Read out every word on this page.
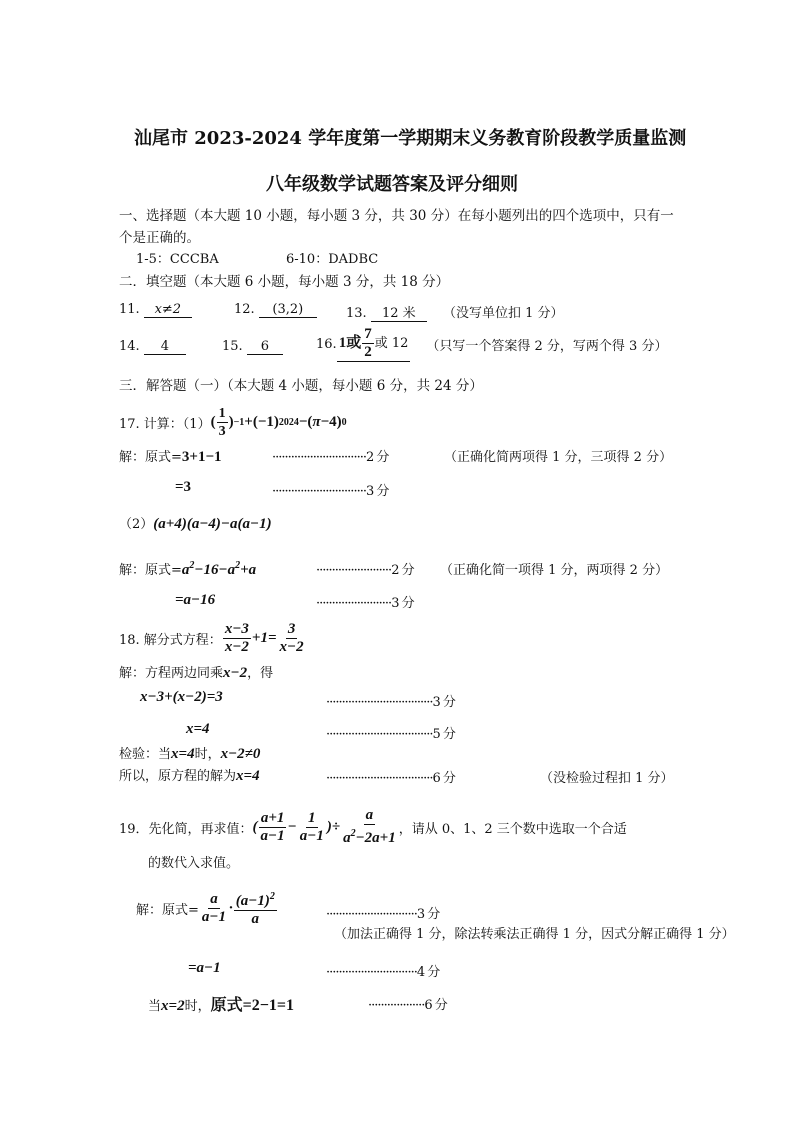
汕尾市 2023-2024 学年度第一学期期末义务教育阶段教学质量监测
八年级数学试题答案及评分细则
一、选择题（本大题 10 小题，每小题 3 分，共 30 分）在每小题列出的四个选项中，只有一
个是正确的。
1-5：CCCBA	6-10：DADBC
二．填空题（本大题 6 小题，每小题 3 分，共 18 分）
11. x≠2	12. (3,2)	13. 12 米 （没写单位扣 1 分）
14. 4	15. 6	16. 1或 $\frac{7}{2}$ 或 12 （只写一个答案得 2 分，写两个得 3 分）
三．解答题（一）（本大题 4 小题，每小题 6 分，共 24 分）
17. 计算：（1） ( $\frac{1}{3}$ ) −1 +(−1) 2024 −( π −4) 0
解：原式=3+1−1	······························2 分	（正确化简两项得 1 分，三项得 2 分）
=3	······························3 分
（2）(a+4)(a−4)−a(a−1)
解：原式$=a^2-16-a^2+a$	························2 分 （正确化简一项得 1 分，两项得 2 分）
=a−16	························3 分
18. 解分式方程： $\frac{x-3}{x-2} +1= \frac{3}{x-2}$
解：方程两边同乘x−2，得
x−3+(x−2)=3	··································3 分
x=4	··································5 分
检验：当x=4时，x−2≠0
所以，原方程的解为x=4	··································6 分	（没检验过程扣 1 分）
19．先化简，再求值： ( $\frac{a+1}{a-1} - \frac{1}{a-1}$ )÷ $\frac{a}{a^2-2a+1}$ ，请从 0、1、2 三个数中选取一个合适
的数代入求值。
解：原式= $\frac{a}{a-1} \cdot \frac{(a-1)^2}{a}$	·····························3 分
（加法正确得 1 分，除法转乘法正确得 1 分，因式分解正确得 1 分）
=a−1	·····························4 分
当x=2时，原式=2−1=1	··················6 分
